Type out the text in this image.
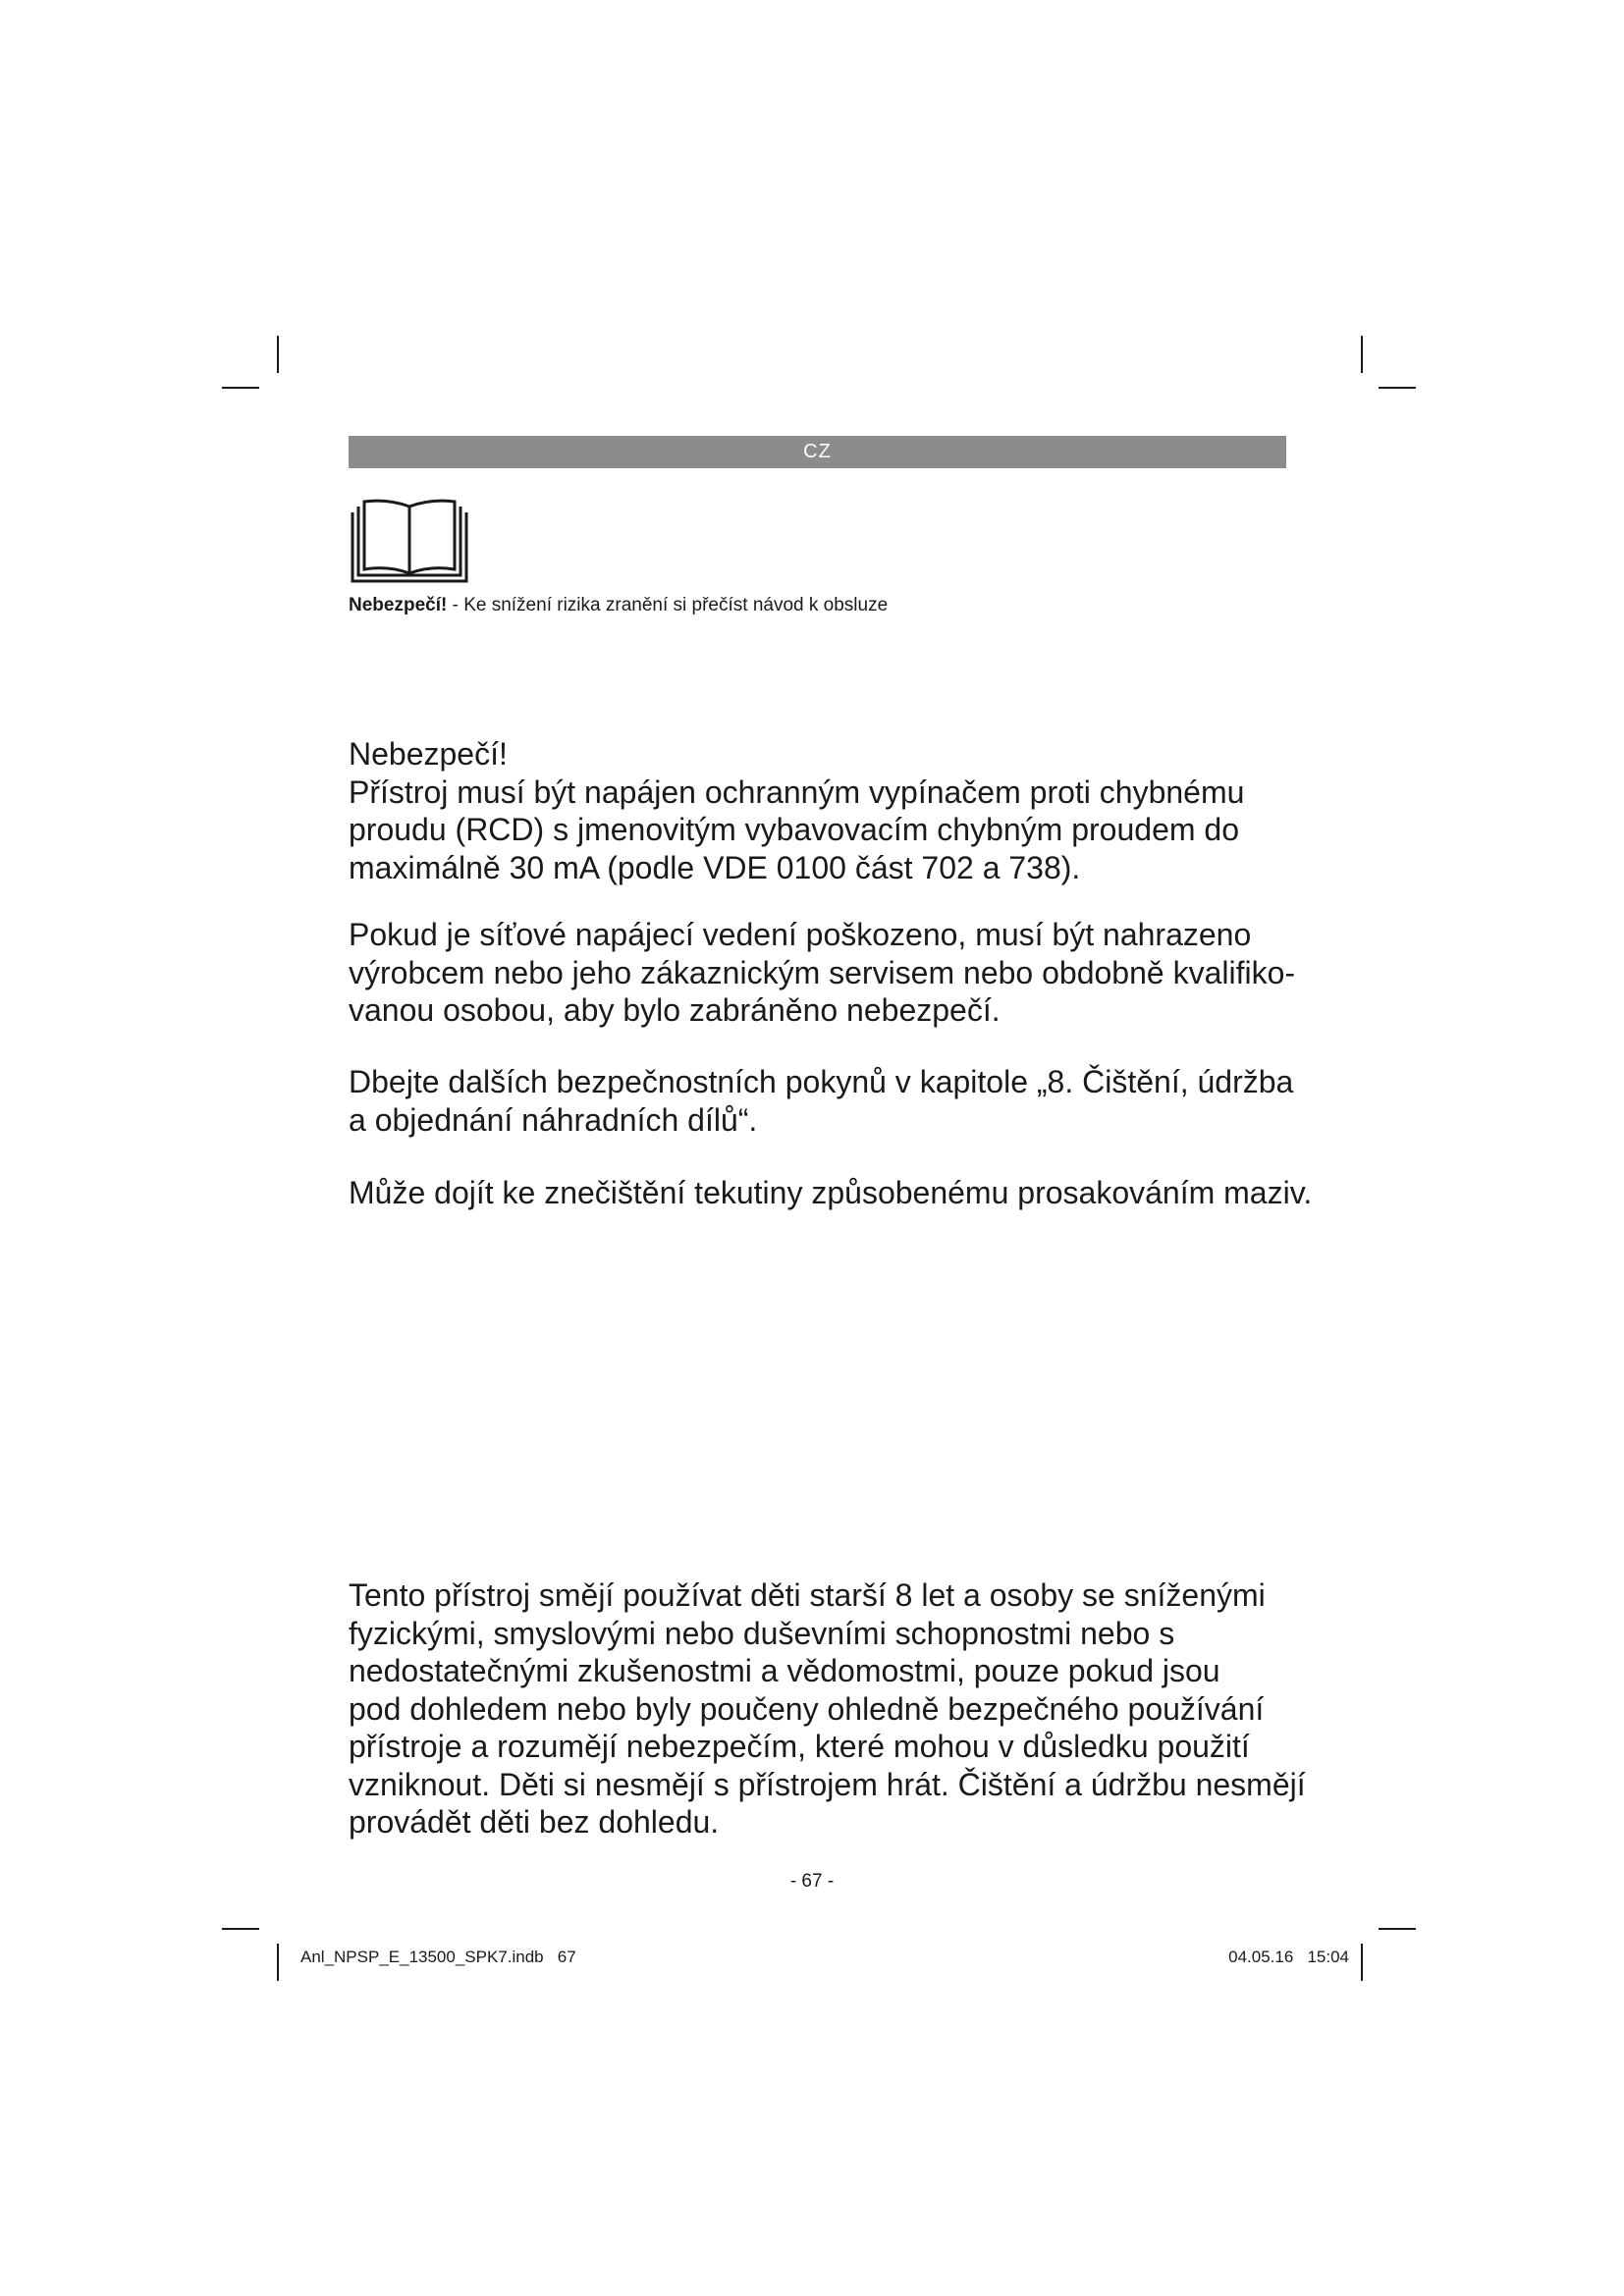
CZ
Nebezpečí! - Ke snížení rizika zranění si přečíst návod k obsluze

Nebezpečí!
Přístroj musí být napájen ochranným vypínačem proti chybnému
proudu (RCD) s jmenovitým vybavovacím chybným proudem do
maximálně 30 mA (podle VDE 0100 část 702 a 738).

Pokud je síťové napájecí vedení poškozeno, musí být nahrazeno
výrobcem nebo jeho zákaznickým servisem nebo obdobně kvalifiko-
vanou osobou, aby bylo zabráněno nebezpečí.

Dbejte dalších bezpečnostních pokynů v kapitole „8. Čištění, údržba
a objednání náhradních dílů“.

Může dojít ke znečištění tekutiny způsobenému prosakováním maziv.

Tento přístroj smějí používat děti starší 8 let a osoby se sníženými
fyzickými, smyslovými nebo duševními schopnostmi nebo s
nedostatečnými zkušenostmi a vědomostmi, pouze pokud jsou
pod dohledem nebo byly poučeny ohledně bezpečného používání
přístroje a rozumějí nebezpečím, které mohou v důsledku použití
vzniknout. Děti si nesmějí s přístrojem hrát. Čištění a údržbu nesmějí
provádět děti bez dohledu.

- 67 -
Anl_NPSP_E_13500_SPK7.indb   67	04.05.16   15:04
